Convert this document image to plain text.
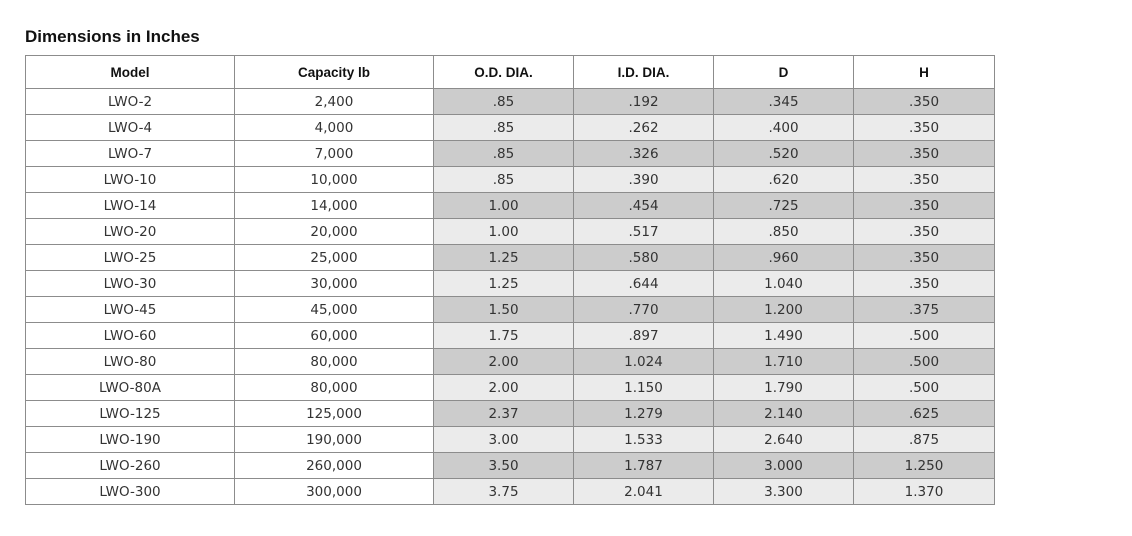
Dimensions in Inches
Model	Capacity lb	O.D. DIA.	I.D. DIA.	D	H
LWO-2	2,400	.85	.192	.345	.350
LWO-4	4,000	.85	.262	.400	.350
LWO-7	7,000	.85	.326	.520	.350
LWO-10	10,000	.85	.390	.620	.350
LWO-14	14,000	1.00	.454	.725	.350
LWO-20	20,000	1.00	.517	.850	.350
LWO-25	25,000	1.25	.580	.960	.350
LWO-30	30,000	1.25	.644	1.040	.350
LWO-45	45,000	1.50	.770	1.200	.375
LWO-60	60,000	1.75	.897	1.490	.500
LWO-80	80,000	2.00	1.024	1.710	.500
LWO-80A	80,000	2.00	1.150	1.790	.500
LWO-125	125,000	2.37	1.279	2.140	.625
LWO-190	190,000	3.00	1.533	2.640	.875
LWO-260	260,000	3.50	1.787	3.000	1.250
LWO-300	300,000	3.75	2.041	3.300	1.370
